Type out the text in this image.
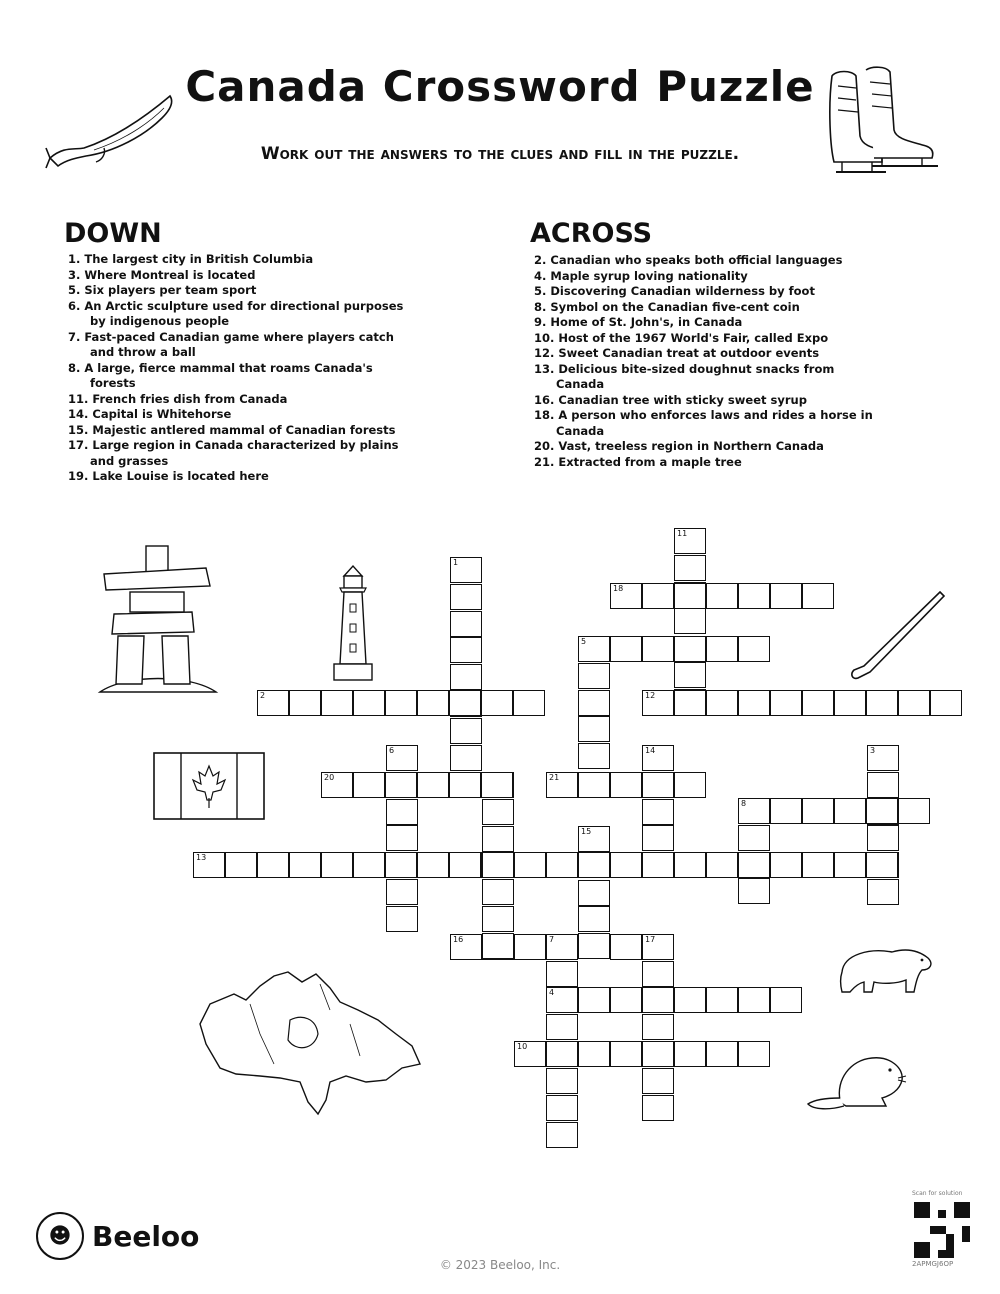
Canada Crossword Puzzle
Work out the answers to the clues and fill in the puzzle.
DOWN
1. The largest city in British Columbia
3. Where Montreal is located
5. Six players per team sport
6. An Arctic sculpture used for directional purposes by indigenous people
7. Fast-paced Canadian game where players catch and throw a ball
8. A large, fierce mammal that roams Canada's forests
11. French fries dish from Canada
14. Capital is Whitehorse
15. Majestic antlered mammal of Canadian forests
17. Large region in Canada characterized by plains and grasses
19. Lake Louise is located here
ACROSS
2. Canadian who speaks both official languages
4. Maple syrup loving nationality
5. Discovering Canadian wilderness by foot
8. Symbol on the Canadian five-cent coin
9. Home of St. John's, in Canada
10. Host of the 1967 World's Fair, called Expo
12. Sweet Canadian treat at outdoor events
13. Delicious bite-sized doughnut snacks from Canada
16. Canadian tree with sticky sweet syrup
18. A person who enforces laws and rides a horse in Canada
20. Vast, treeless region in Northern Canada
21. Extracted from a maple tree
1
2
3
4
5
6
7
8
10
11
12
13
14
15
16	17
18
20	21
☻ Beeloo
© 2023 Beeloo, Inc.
Scan for solution
2APMGJ6OP
